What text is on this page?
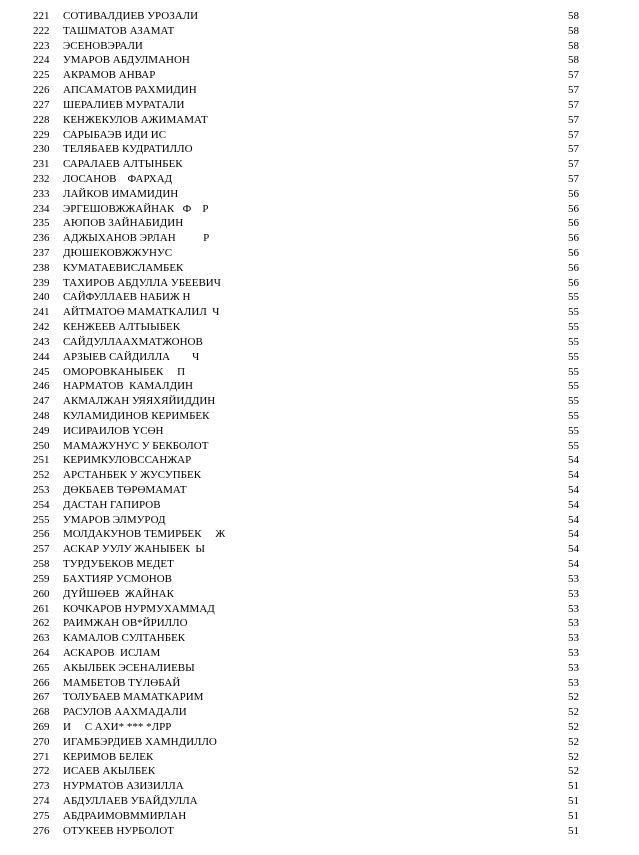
221 СОТИВАЛДИЕВ УРОЗАЛИ	58
222 ТАШМАТОВ АЗАМАТ	58
223 ЭСЕНОВЭРАЛИ	58
224 УМАРОВ АБДУЛМАНОН	58
225 АКРАМОВ АНВАР	57
226 АПСАМАТОВ РАХМИДИН	57
227 ШЕРАЛИЕВ МУРАТАЛИ	57
228 КЕНЖЕКУЛОВ АЖИМАМАТ	57
229 САРЫБАЭВ ИДИ ИС	57
230 ТЕЛЯБАЕВ КУДРАТИЛЛО	57
231 САРАЛАЕВ АЛТЫНБЕК	57
232 ЛОСАНОВ    ФАРХАД	57
233 ЛАЙКОВ ИМАМИДИН	56
234 ЭРГЕШОВЖЖАЙНАК   Ф    Р	56
235 АЮПОВ ЗАЙНАБИДИН	56
236 АДЖЫХАНОВ ЭРЛАН          Р	56
237 ДЮШЕКОВЖЖУНУС	56
238 КУМАТАЕВИСЛАМБЕК	56
239 ТАХИРОВ АБДУЛЛА УБЕЕВИЧ	56
240 САЙФУЛЛАЕВ НАБИЖ Н	55
241 АЙТМАТОӨ МАМАТКАЛИЛ  Ч	55
242 КЕНЖЕЕВ АЛТЫЫБЕК	55
243 САЙДУЛЛААХМАТЖОНОВ	55
244 АРЗЫЕВ САЙДИЛЛА        Ч	55
245 ОМОРОВКАНЫБЕК     П	55
246 НАРМАТОВ  КАМАЛДИН	55
247 АКМАЛЖАН УЯЯХЯЙИДДИН	55
248 КУЛАМИДИНОВ КЕРИМБЕК	55
249 ИСИРАИЛОВ ҮСӨН	55
250 МАМАЖУНУС У БЕКБОЛОТ	55
251 КЕРИМКУЛОВССАНЖАР	54
252 АРСТАНБЕК У ЖУСУПБЕК	54
253 ДӨКБАЕВ ТӨРӨМАМАТ	54
254 ДАСТАН ГАПИРОВ	54
255 УМАРОВ ЭЛМУРОД	54
256 МОЛДАКУНОВ ТЕМИРБЕК     Ж	54
257 АСКАР УУЛУ ЖАНЫБЕК  Ы	54
258 ТУРДУБЕКОВ МЕДЕТ	54
259 БАХТИЯР УСМОНОВ	53
260 ДҮЙШӨЕВ  ЖАЙНАК	53
261 КОЧКАРОВ НУРМУХАММАД	53
262 РАИМЖАН ОВ*ЙРИЛЛО	53
263 КАМАЛОВ СУЛТАНБЕК	53
264 АСКАРОВ  ИСЛАМ	53
265 АКЫЛБЕК ЭСЕНАЛИЕВЫ	53
266 МАМБЕТОВ ТҮЛӨБАЙ	53
267 ТОЛУБАЕВ МАМАТКАРИМ	52
268 РАСУЛОВ ААХМАДАЛИ	52
269 И     С АХИ* *** *ЛРР	52
270 ИГАМБЭРДИЕВ ХАМНДИЛЛО	52
271 КЕРИМОВ БЕЛЕК	52
272 ИСАЕВ АКЫЛБЕК	52
273 НУРМАТОВ АЗИЗИЛЛА	51
274 АБДУЛЛАЕВ УБАЙДУЛЛА	51
275 АБДРАИМОВММИРЛАН	51
276 ОТУКЕЕВ НУРБОЛОТ	51
